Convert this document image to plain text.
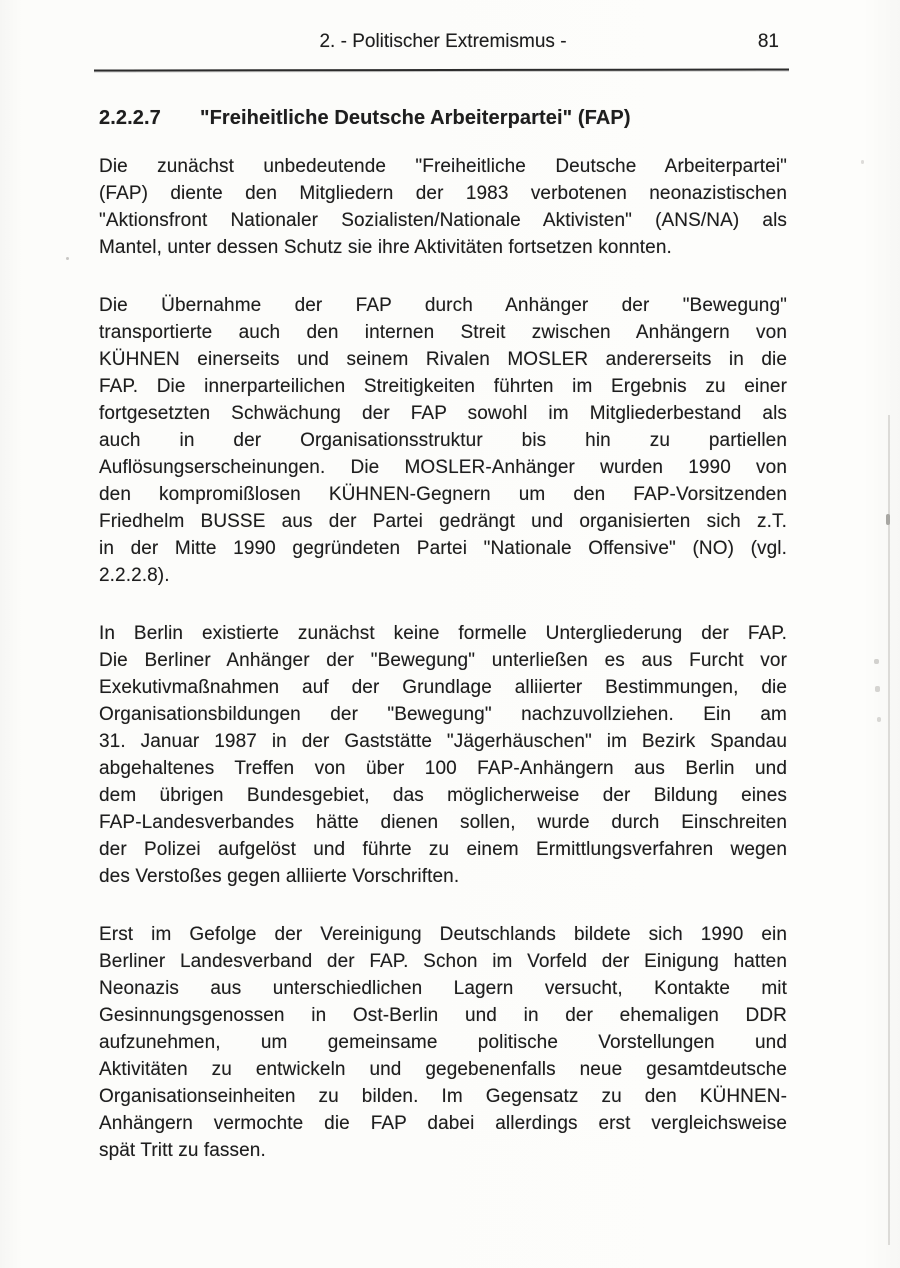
2. - Politischer Extremismus -	81
2.2.2.7 "Freiheitliche Deutsche Arbeiterpartei" (FAP)
Die zunächst unbedeutende "Freiheitliche Deutsche Arbeiterpartei"
(FAP) diente den Mitgliedern der 1983 verbotenen neonazistischen
"Aktionsfront Nationaler Sozialisten/Nationale Aktivisten" (ANS/NA) als
Mantel, unter dessen Schutz sie ihre Aktivitäten fortsetzen konnten.
Die Übernahme der FAP durch Anhänger der "Bewegung"
transportierte auch den internen Streit zwischen Anhängern von
KÜHNEN einerseits und seinem Rivalen MOSLER andererseits in die
FAP. Die innerparteilichen Streitigkeiten führten im Ergebnis zu einer
fortgesetzten Schwächung der FAP sowohl im Mitgliederbestand als
auch in der Organisationsstruktur bis hin zu partiellen
Auflösungserscheinungen. Die MOSLER-Anhänger wurden 1990 von
den kompromißlosen KÜHNEN-Gegnern um den FAP-Vorsitzenden
Friedhelm BUSSE aus der Partei gedrängt und organisierten sich z.T.
in der Mitte 1990 gegründeten Partei "Nationale Offensive" (NO) (vgl.
2.2.2.8).
In Berlin existierte zunächst keine formelle Untergliederung der FAP.
Die Berliner Anhänger der "Bewegung" unterließen es aus Furcht vor
Exekutivmaßnahmen auf der Grundlage alliierter Bestimmungen, die
Organisationsbildungen der "Bewegung" nachzuvollziehen. Ein am
31. Januar 1987 in der Gaststätte "Jägerhäuschen" im Bezirk Spandau
abgehaltenes Treffen von über 100 FAP-Anhängern aus Berlin und
dem übrigen Bundesgebiet, das möglicherweise der Bildung eines
FAP-Landesverbandes hätte dienen sollen, wurde durch Einschreiten
der Polizei aufgelöst und führte zu einem Ermittlungsverfahren wegen
des Verstoßes gegen alliierte Vorschriften.
Erst im Gefolge der Vereinigung Deutschlands bildete sich 1990 ein
Berliner Landesverband der FAP. Schon im Vorfeld der Einigung hatten
Neonazis aus unterschiedlichen Lagern versucht, Kontakte mit
Gesinnungsgenossen in Ost-Berlin und in der ehemaligen DDR
aufzunehmen, um gemeinsame politische Vorstellungen und
Aktivitäten zu entwickeln und gegebenenfalls neue gesamtdeutsche
Organisationseinheiten zu bilden. Im Gegensatz zu den KÜHNEN-
Anhängern vermochte die FAP dabei allerdings erst vergleichsweise
spät Tritt zu fassen.
